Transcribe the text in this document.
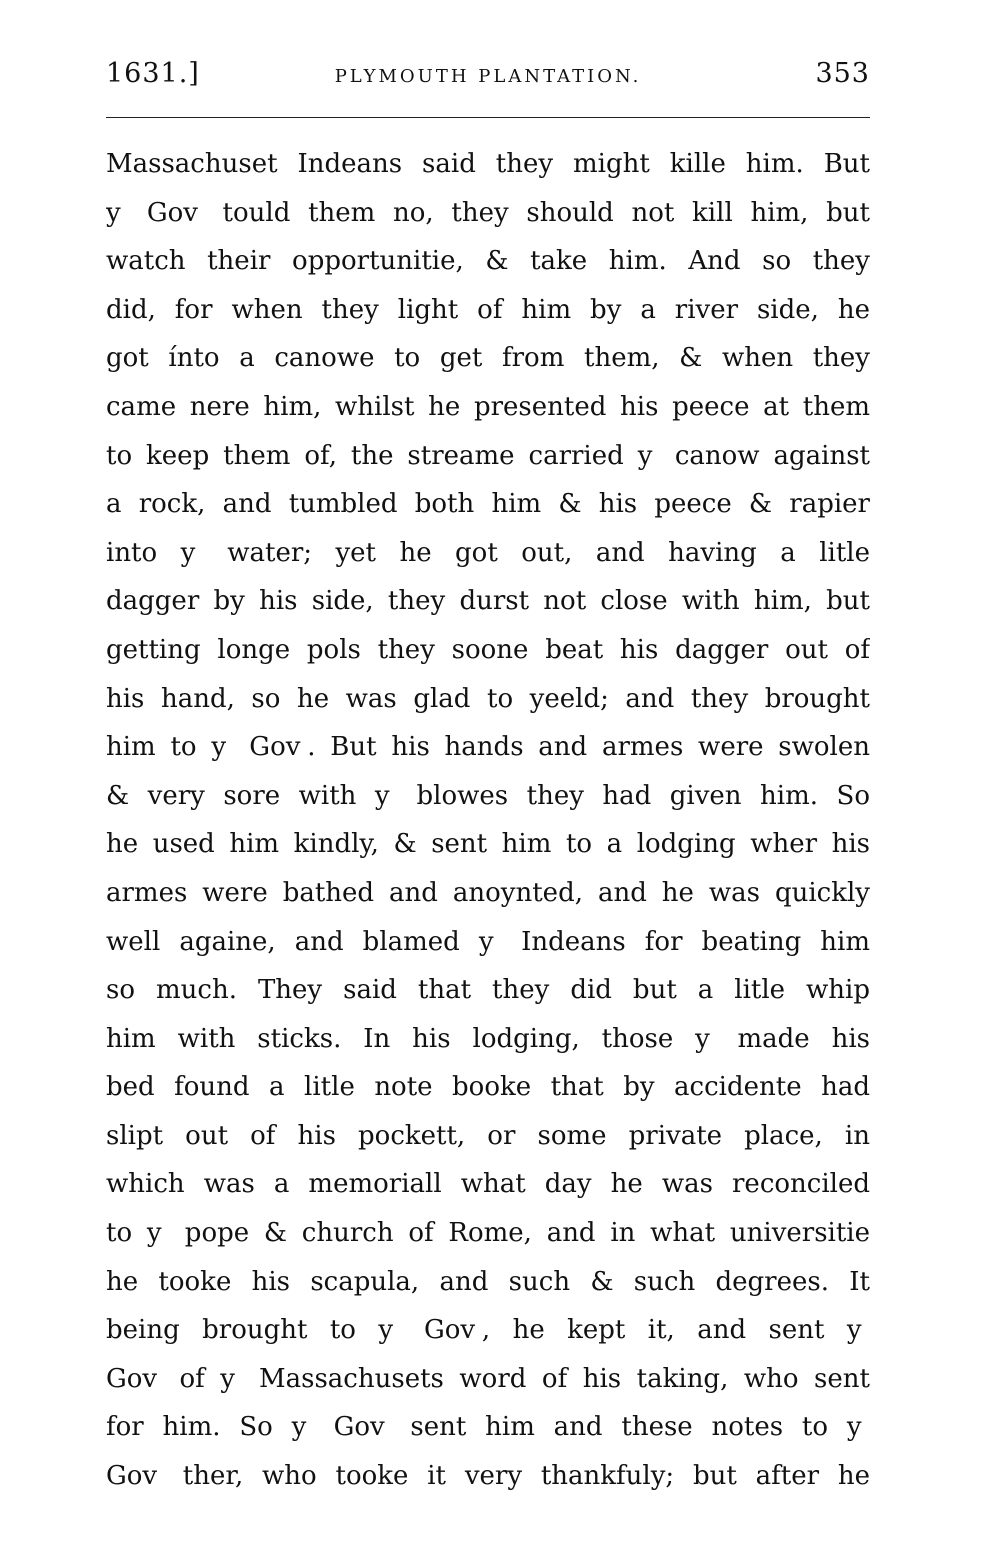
1631.]	PLYMOUTH PLANTATION.	353
Massachuset Indeans said they might kille him. But
y Gov tould them no, they should not kill him, but
watch their opportunitie, & take him. And so they
did, for when they light of him by a river side, he
got ínto a canowe to get from them, & when they
came nere him, whilst he presented his peece at them
to keep them of, the streame carried y canow against
a rock, and tumbled both him & his peece & rapier
into y water; yet he got out, and having a litle
dagger by his side, they durst not close with him, but
getting longe pols they soone beat his dagger out of
his hand, so he was glad to yeeld; and they brought
him to y Gov . But his hands and armes were swolen
& very sore with y blowes they had given him. So
he used him kindly, & sent him to a lodging wher his
armes were bathed and anoynted, and he was quickly
well againe, and blamed y Indeans for beating him
so much. They said that they did but a litle whip
him with sticks. In his lodging, those y made his
bed found a litle note booke that by accidente had
slipt out of his pockett, or some private place, in
which was a memoriall what day he was reconciled
to y pope & church of Rome, and in what universitie
he tooke his scapula, and such & such degrees. It
being brought to y Gov , he kept it, and sent y
Gov of y Massachusets word of his taking, who sent
for him. So y Gov sent him and these notes to y
Gov ther, who tooke it very thankfuly; but after he
